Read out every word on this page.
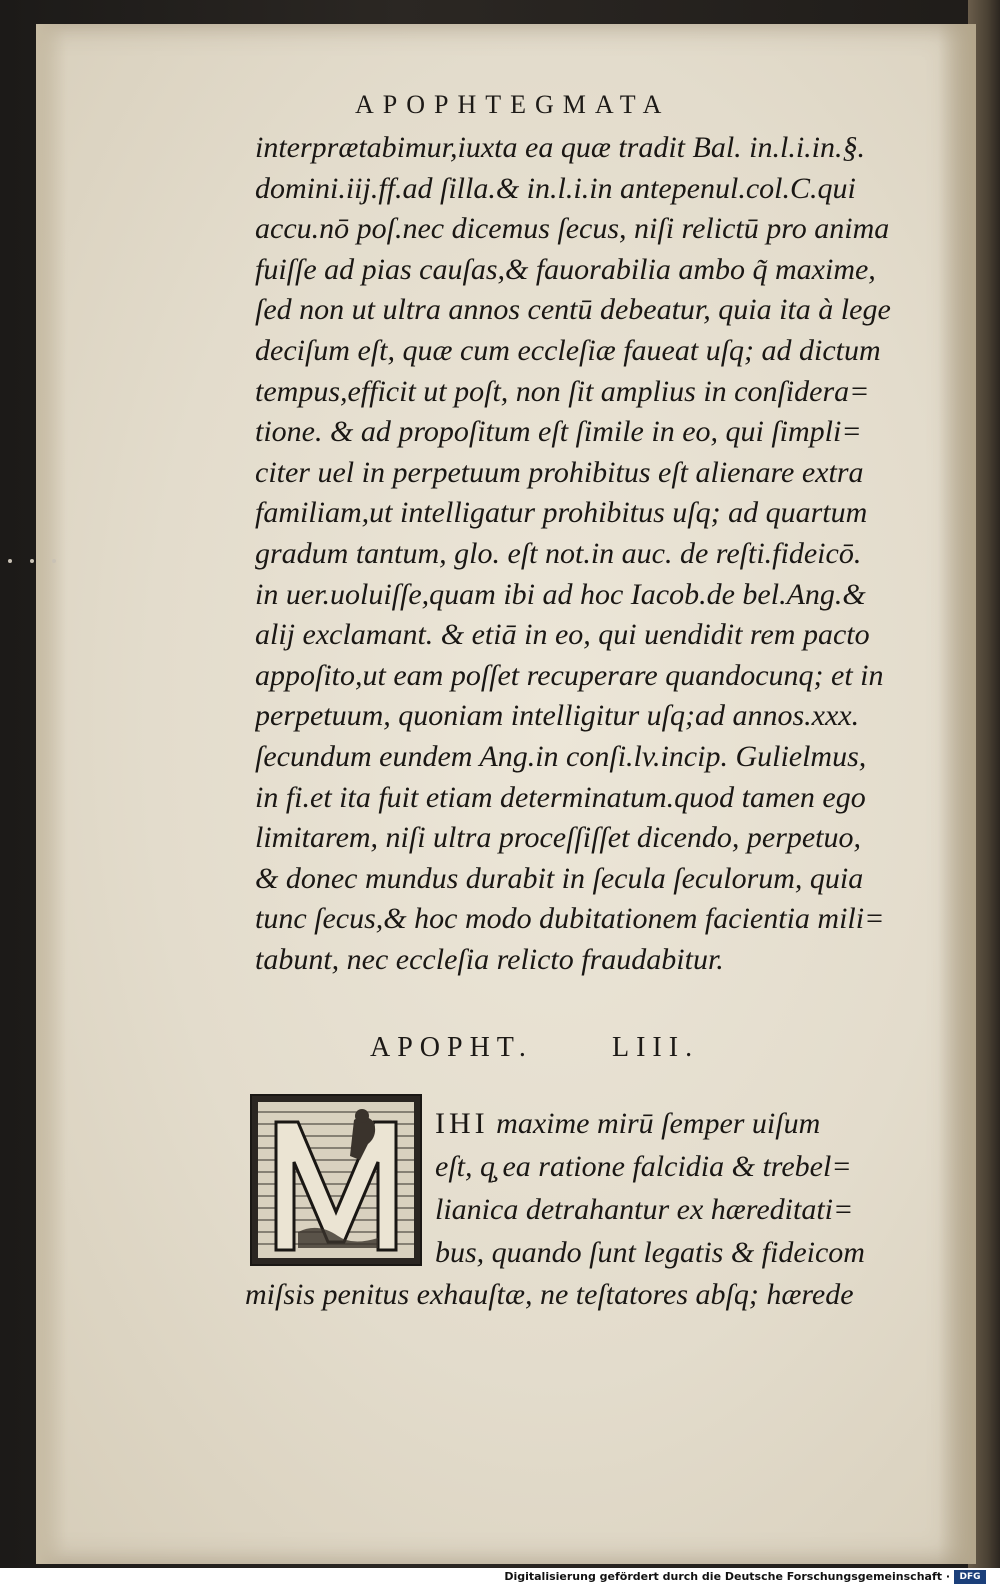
APOPHTEGMATA
interprætabimur,iuxta ea quæ tradit Bal. in.l.i.in.§.
domini.iij.ff.ad ſilla.& in.l.i.in antepenul.col.C.qui
accu.nō poſ.nec dicemus ſecus, niſi relictū pro anima
fuiſſe ad pias cauſas,& fauorabilia ambo q̃ maxime,
ſed non ut ultra annos centū debeatur, quia ita à lege
deciſum eſt, quæ cum eccleſiæ faueat uſq; ad dictum
tempus,efficit ut poſt, non ſit amplius in conſidera=
tione. & ad propoſitum eſt ſimile in eo, qui ſimpli=
citer uel in perpetuum prohibitus eſt alienare extra
familiam,ut intelligatur prohibitus uſq; ad quartum
gradum tantum, glo. eſt not.in auc. de reſti.fideicō.
in uer.uoluiſſe,quam ibi ad hoc Iacob.de bel.Ang.&
alij exclamant. & etiā in eo, qui uendidit rem pacto
appoſito,ut eam poſſet recuperare quandocunq; et in
perpetuum, quoniam intelligitur uſq;ad annos.xxx.
ſecundum eundem Ang.in conſi.lv.incip. Gulielmus,
in fi.et ita fuit etiam determinatum.quod tamen ego
limitarem, niſi ultra proceſſiſſet dicendo, perpetuo,
& donec mundus durabit in ſecula ſeculorum, quia
tunc ſecus,& hoc modo dubitationem facientia mili=
tabunt, nec eccleſia relicto fraudabitur.
APOPHT.	LIII.
IHI maxime mirū ſemper uiſum
eſt, q̧ ea ratione falcidia & trebel=
lianica detrahantur ex hæreditati=
bus, quando ſunt legatis & fideicom
miſsis penitus exhauſtæ, ne teſtatores abſq; hærede
Digitalisierung gefördert durch die Deutsche Forschungsgemeinschaft ·	DFG
